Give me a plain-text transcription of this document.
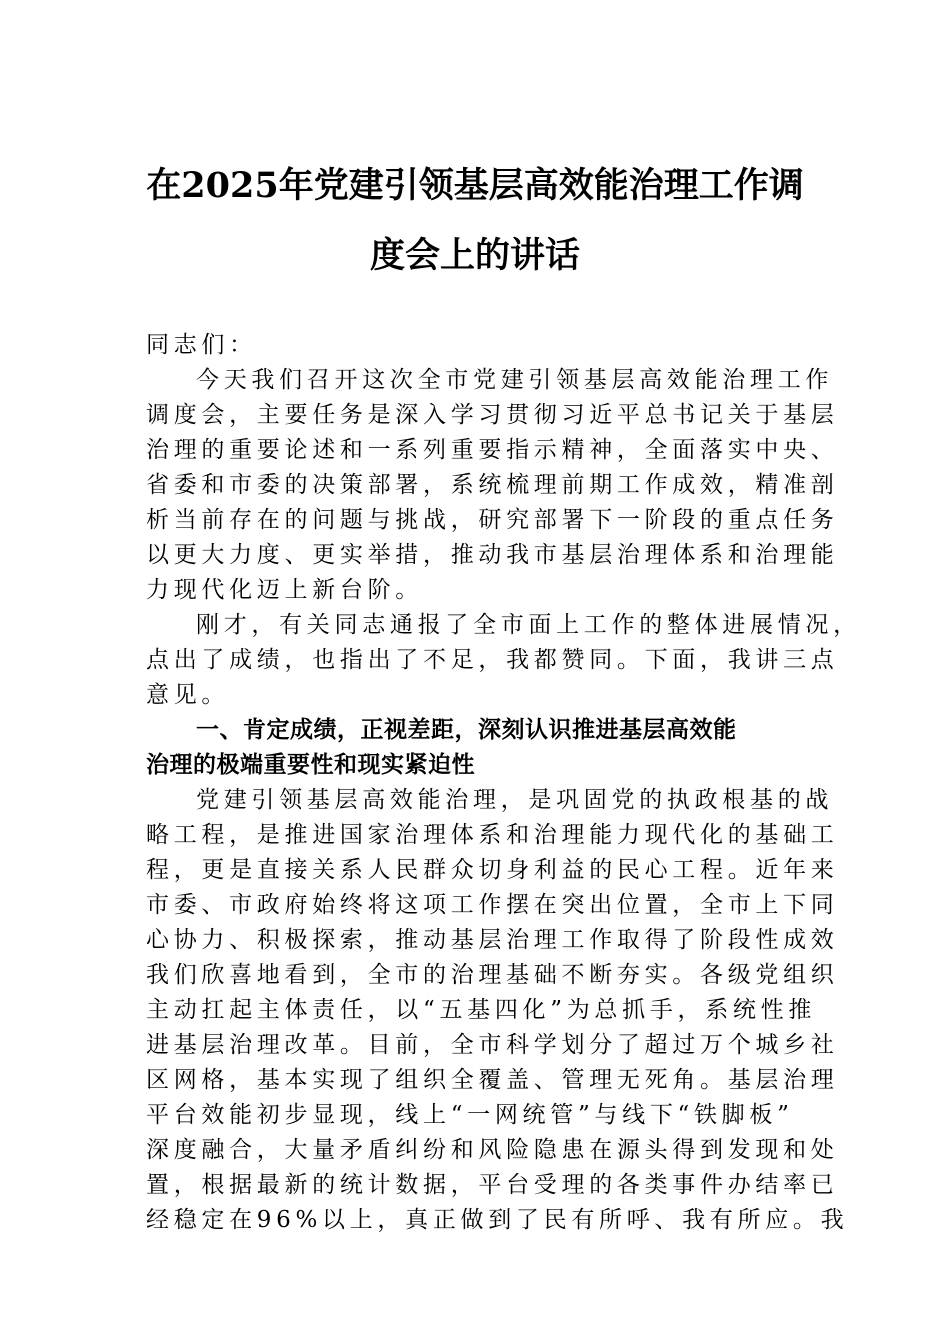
在2025年党建引领基层高效能治理工作调
度会上的讲话
同志们：
今天我们召开这次全市党建引领基层高效能治理工作
调度会，主要任务是深入学习贯彻习近平总书记关于基层
治理的重要论述和一系列重要指示精神，全面落实中央、
省委和市委的决策部署，系统梳理前期工作成效，精准剖
析当前存在的问题与挑战，研究部署下一阶段的重点任务
以更大力度、更实举措，推动我市基层治理体系和治理能
力现代化迈上新台阶。
刚才，有关同志通报了全市面上工作的整体进展情况，
点出了成绩，也指出了不足，我都赞同。下面，我讲三点
意见。
一、肯定成绩，正视差距，深刻认识推进基层高效能
治理的极端重要性和现实紧迫性
党建引领基层高效能治理，是巩固党的执政根基的战
略工程，是推进国家治理体系和治理能力现代化的基础工
程，更是直接关系人民群众切身利益的民心工程。近年来
市委、市政府始终将这项工作摆在突出位置，全市上下同
心协力、积极探索，推动基层治理工作取得了阶段性成效
我们欣喜地看到，全市的治理基础不断夯实。各级党组织
主动扛起主体责任，以“五基四化”为总抓手，系统性推
进基层治理改革。目前，全市科学划分了超过万个城乡社
区网格，基本实现了组织全覆盖、管理无死角。基层治理
平台效能初步显现，线上“一网统管”与线下“铁脚板”
深度融合，大量矛盾纠纷和风险隐患在源头得到发现和处
置，根据最新的统计数据，平台受理的各类事件办结率已
经稳定在96%以上，真正做到了民有所呼、我有所应。我
